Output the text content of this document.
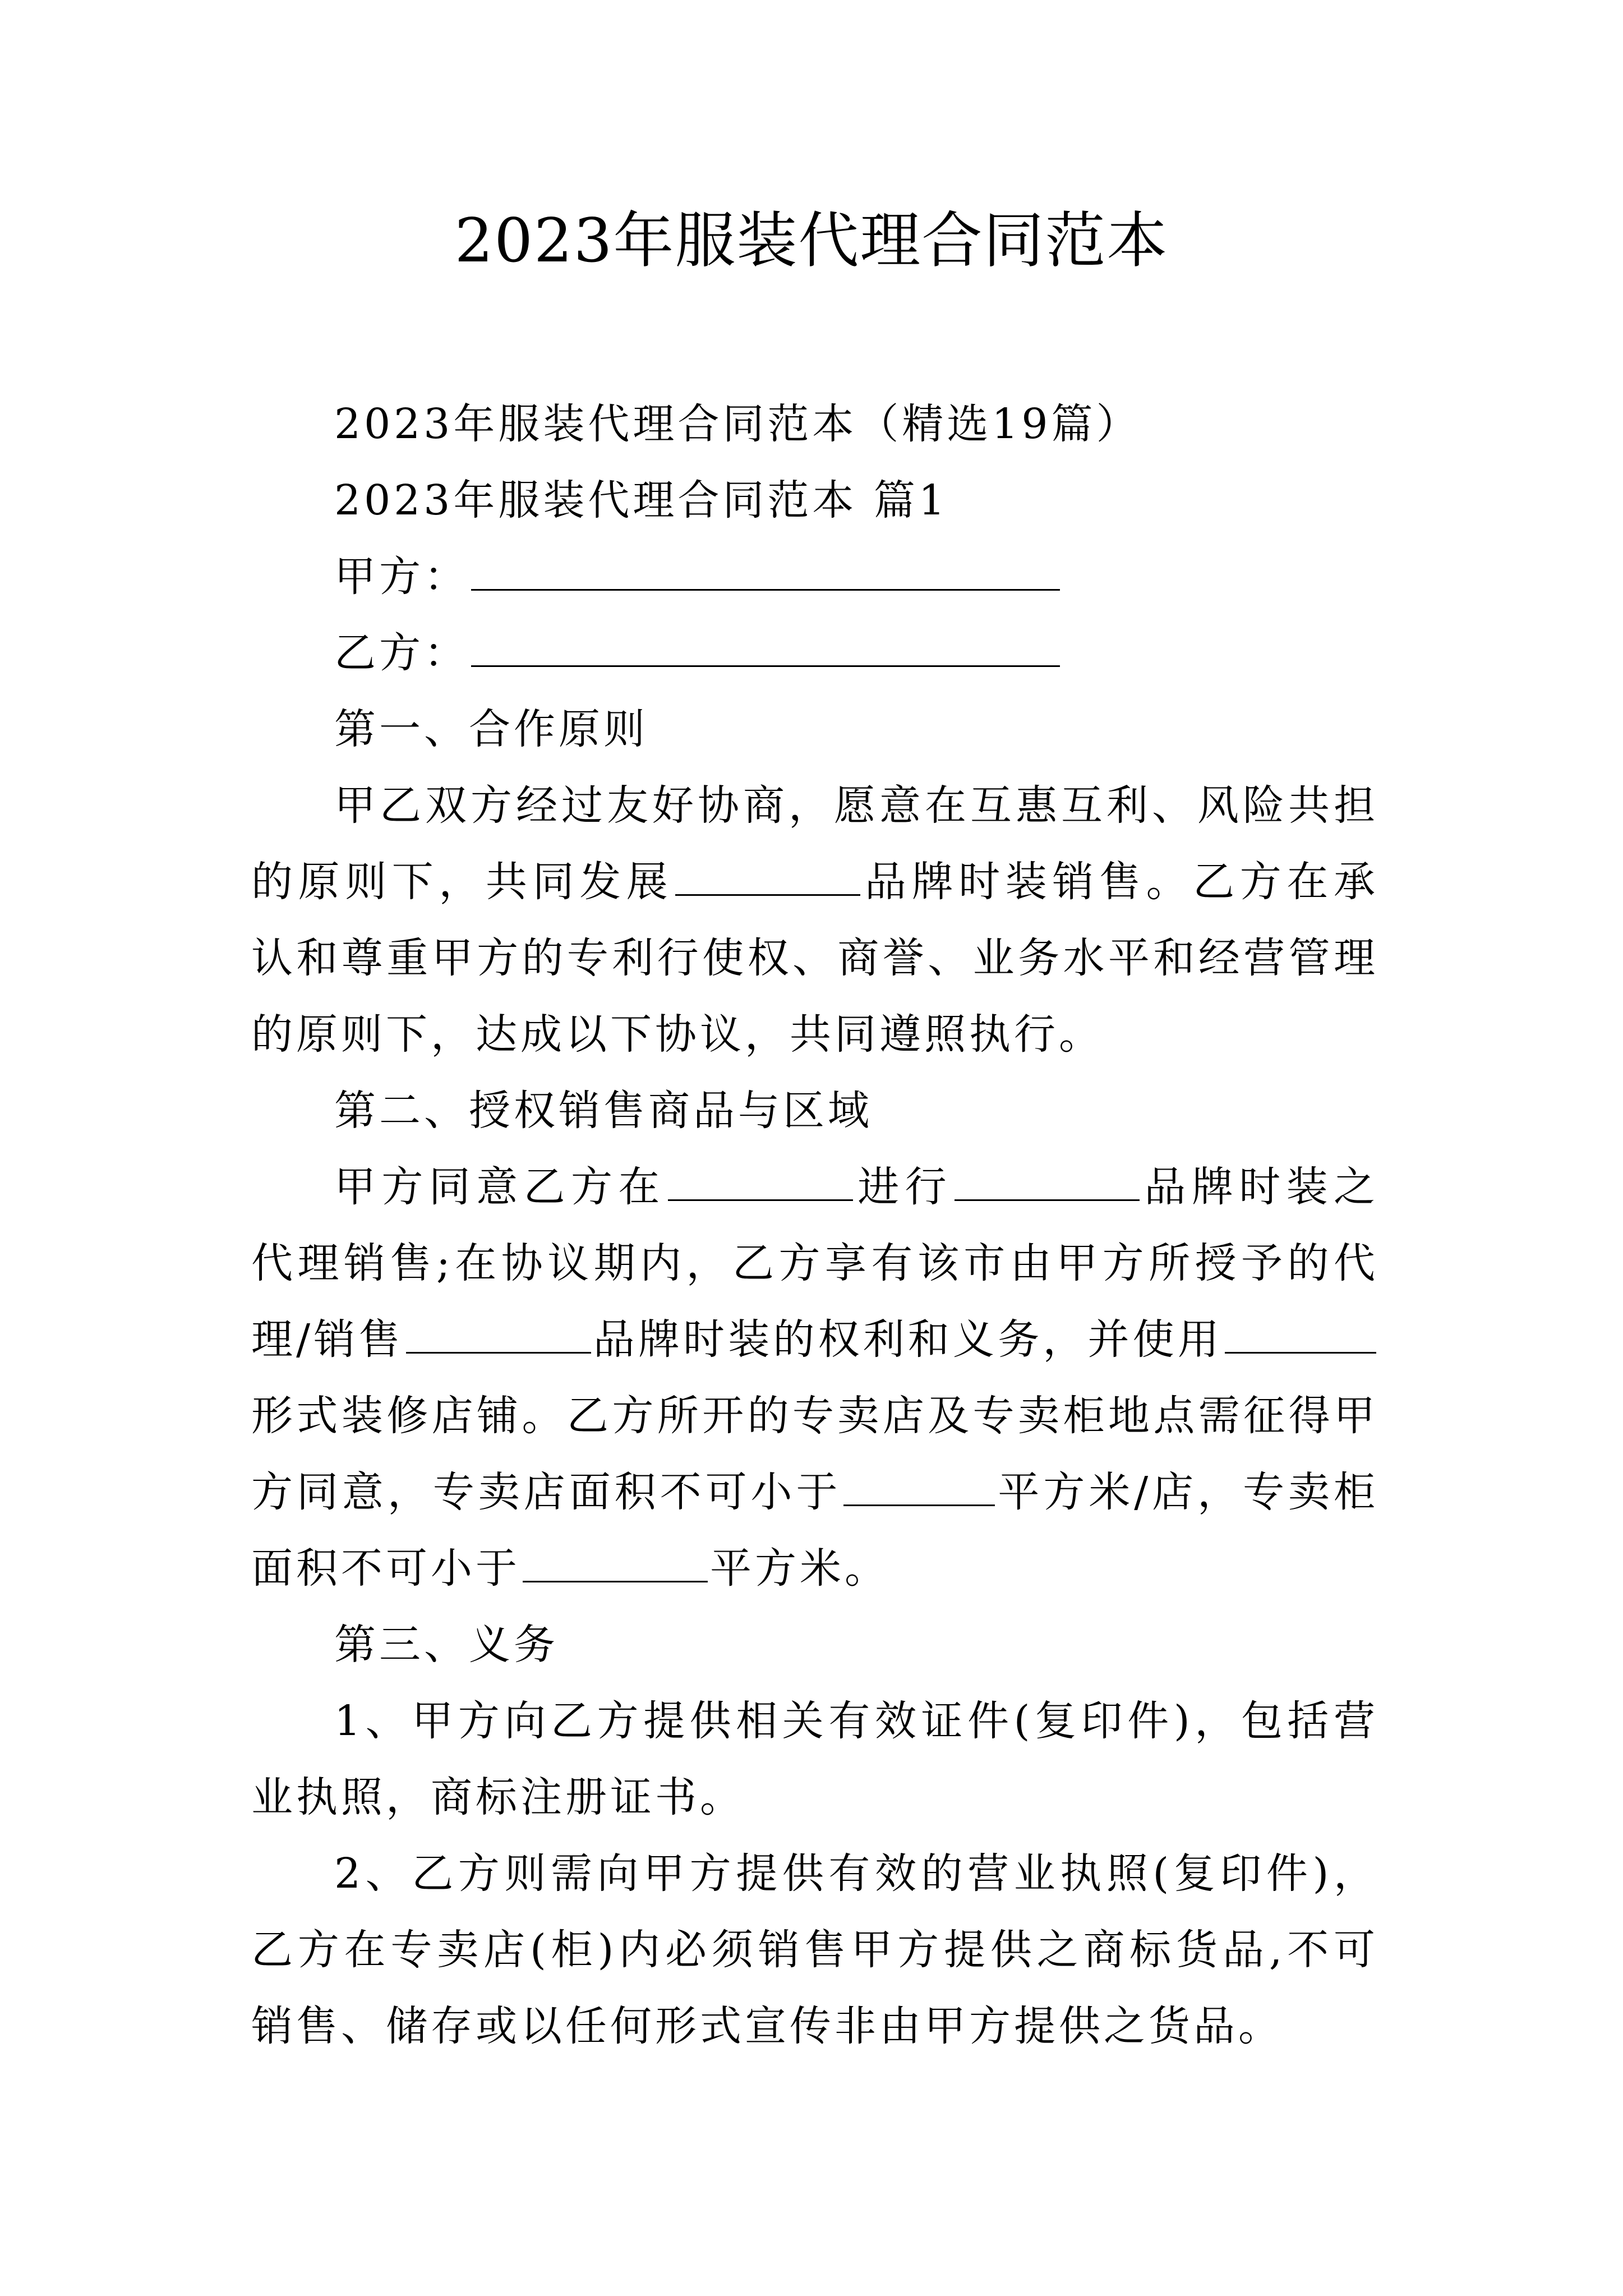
2023年服装代理合同范本

2023年服装代理合同范本（精选19篇）

2023年服装代理合同范本 篇1

甲方：

乙方：

第一、合作原则

甲乙双方经过友好协商，愿意在互惠互利、风险共担的原则下，共同发展	品牌时装销售。乙方在承认和尊重甲方的专利行使权、商誉、业务水平和经营管理的原则下，达成以下协议，共同遵照执行。

第二、授权销售商品与区域

甲方同意乙方在	进行	品牌时装之代理销售;在协议期内，乙方享有该市由甲方所授予的代理/销售	品牌时装的权利和义务，并使用形式装修店铺。乙方所开的专卖店及专卖柜地点需征得甲方同意，专卖店面积不可小于	平方米/店，专卖柜面积不可小于	平方米。

第三、义务

1、甲方向乙方提供相关有效证件(复印件)，包括营业执照，商标注册证书。

2、乙方则需向甲方提供有效的营业执照(复印件)，乙方在专卖店(柜)内必须销售甲方提供之商标货品,不可销售、储存或以任何形式宣传非由甲方提供之货品。
